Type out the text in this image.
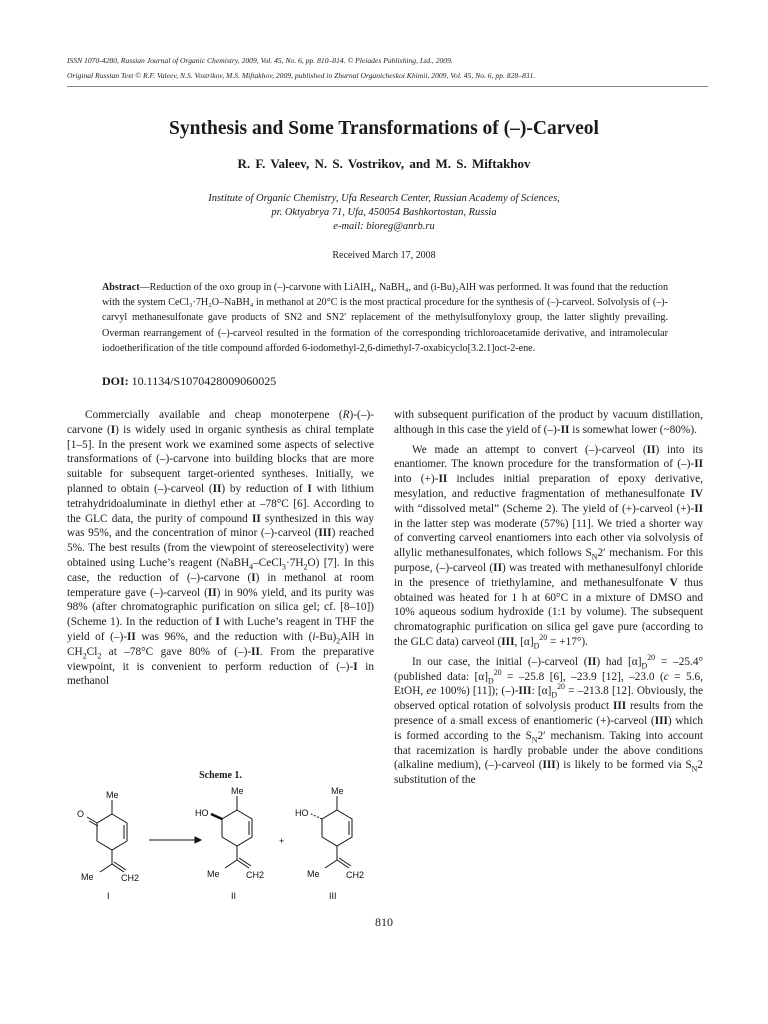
ISSN 1070-4280, Russian Journal of Organic Chemistry, 2009, Vol. 45, No. 6, pp. 810–814. © Pleiades Publishing, Ltd., 2009.
Original Russian Text © R.F. Valeev, N.S. Vostrikov, M.S. Miftakhov, 2009, published in Zhurnal Organicheskoi Khimii, 2009, Vol. 45, No. 6, pp. 828–831.
Synthesis and Some Transformations of (–)-Carveol
R. F. Valeev, N. S. Vostrikov, and M. S. Miftakhov
Institute of Organic Chemistry, Ufa Research Center, Russian Academy of Sciences,
pr. Oktyabrya 71, Ufa, 450054 Bashkortostan, Russia
e-mail: bioreg@anrb.ru
Received March 17, 2008
Abstract—Reduction of the oxo group in (–)-carvone with LiAlH₄, NaBH₄, and (i-Bu)₂AlH was performed. It was found that the reduction with the system CeCl₃·7H₂O–NaBH₄ in methanol at 20°C is the most practical procedure for the synthesis of (–)-carveol. Solvolysis of (–)-carvyl methanesulfonate gave products of SN2 and SN2′ replacement of the methylsulfonyloxy group, the latter slightly prevailing. Overman rearrangement of (–)-carveol resulted in the formation of the corresponding trichloroacetamide derivative, and intramolecular iodoetherification of the title compound afforded 6-iodomethyl-2,6-dimethyl-7-oxabicyclo[3.2.1]oct-2-ene.
DOI: 10.1134/S1070428009060025

Commercially available and cheap monoterpene (R)-(–)-carvone (I) is widely used in organic synthesis as chiral template [1–5]. In the present work we examined some aspects of selective transformations of (–)-carvone into building blocks that are more suitable for subsequent target-oriented syntheses. Initially, we planned to obtain (–)-carveol (II) by reduction of I with lithium tetrahydridoaluminate in diethyl ether at –78°C [6]. According to the GLC data, the purity of compound II synthesized in this way was 95%, and the concentration of minor (–)-carveol (III) reached 5%. The best results (from the viewpoint of stereoselectivity) were obtained using Luche’s reagent $(NaBH_4-CeCl_3\cdot 7H_2O)$ [7]. In this case, the reduction of (–)-carvone (I) in methanol at room temperature gave (–)-carveol (II) in 90% yield, and its purity was 98% (after chromatographic purification on silica gel; cf. [8–10]) (Scheme 1). In the reduction of I with Luche’s reagent in THF the yield of (–)-II was 96%, and the reduction with $(i-Bu)_2AlH$ in $CH_2Cl_2$ at –78°C gave 80% of (–)-II. From the preparative viewpoint, it is convenient to perform reduction of (–)-I in methanol

with subsequent purification of the product by vacuum distillation, although in this case the yield of (–)-II is somewhat lower (~80%).

We made an attempt to convert (–)-carveol (II) into its enantiomer. The known procedure for the transformation of (–)-II into (+)-II includes initial preparation of epoxy derivative, mesylation, and reductive fragmentation of methanesulfonate IV with “dissolved metal” (Scheme 2). The yield of (+)-carveol (+)-II in the latter step was moderate (57%) [11]. We tried a shorter way of converting carveol enantiomers into each other via solvolysis of allylic methanesulfonates, which follows $S_N2'$ mechanism. For this purpose, (–)-carveol (II) was treated with methanesulfonyl chloride in the presence of triethylamine, and methanesulfonate V thus obtained was heated for 1 h at 60°C in a mixture of DMSO and 10% aqueous sodium hydroxide (1:1 by volume). The subsequent chromatographic purification on silica gel gave pure (according to the GLC data) carveol (III, $[\alpha]_D^{20} = +17^\circ$).

In our case, the initial (–)-carveol (II) had $[\alpha]_D^{20} = -25.4^\circ$ (published data: $[\alpha]_D^{20} = -25.8$ [6], –23.9 [12], –23.0 (c = 5.6, EtOH, ee 100%) [11]); (–)-III: $[\alpha]_D^{20} = -213.8$ [12]. Obviously, the observed optical rotation of solvolysis product III results from the presence of a small excess of enantiomeric (+)-carveol (III) which is formed according to the $S_N2'$ mechanism. Taking into account that racemization is hardly probable under the above conditions (alkaline medium), (–)-carveol (III) is likely to be formed via $S_N2$ substitution of the

Scheme 1.
Me
O
Me	CH2
I
Me
HO
Me	CH2
II
+
Me
HO
Me	CH2
III
810
